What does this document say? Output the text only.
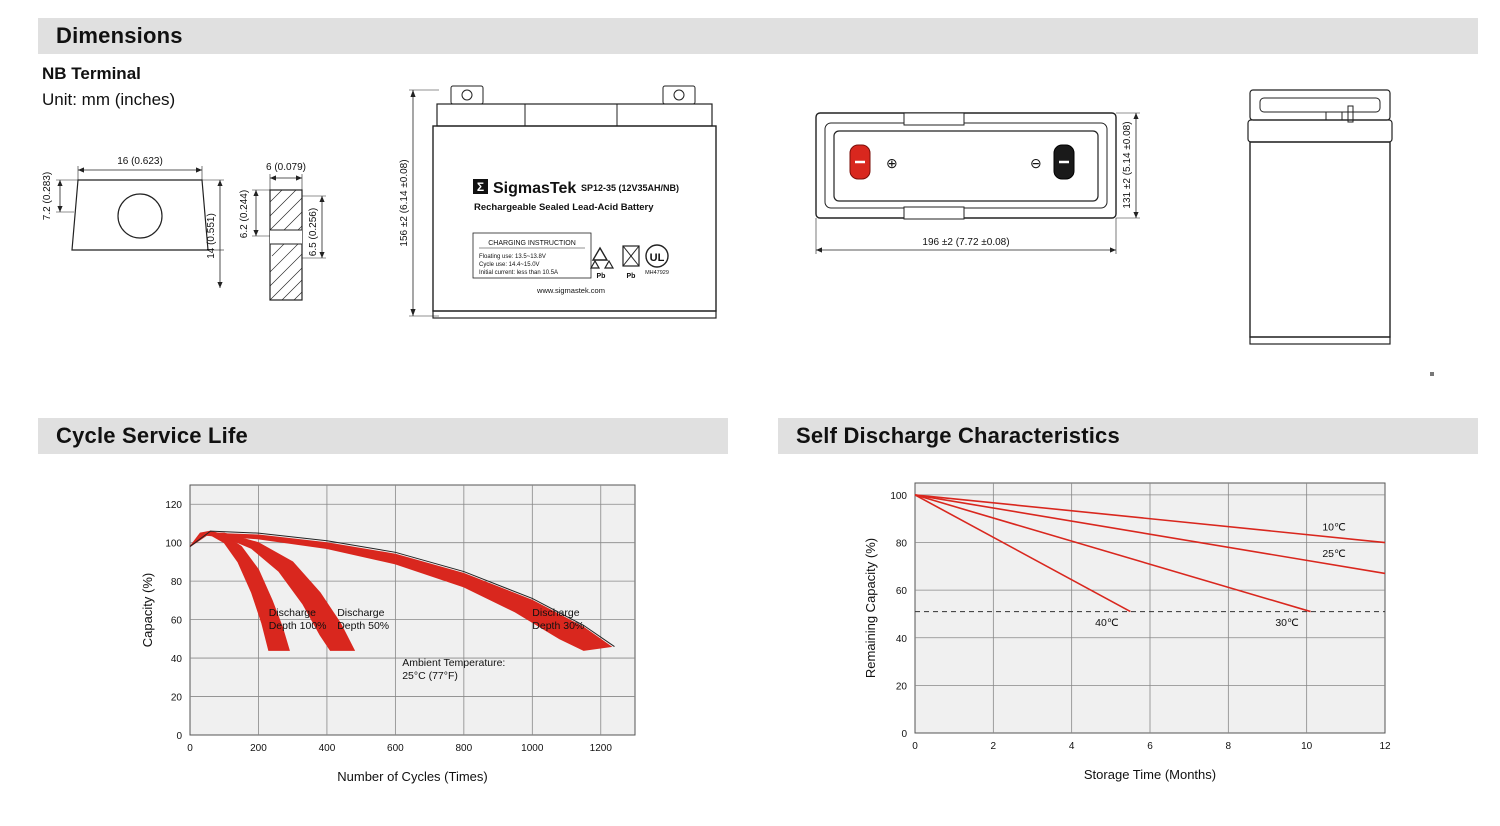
Dimensions
NB Terminal
Unit: mm (inches)
16 (0.623)
7.2 (0.283)
14 (0.551)
6 (0.079)
6.2 (0.244)	6.5 (0.256)	156 ±2 (6.14 ±0.08)	Σ SigmasTek SP12-35 (12V35AH/NB)
Rechargeable Sealed Lead-Acid Battery
CHARGING INSTRUCTION
Floating use: 13.5~13.8V
Cycle use: 14.4~15.0V
Initial current: less than 10.5A	Pb	Pb
UL
MH47929
www.sigmastek.com
⊕	⊖	131 ±2 (5.14 ±0.08)
196 ±2 (7.72 ±0.08)
Cycle Service Life
0	200	400	600	800	1000	1200
0
20
40
60
80
100
120
Discharge
Depth 100%
Discharge
Depth 50%
Discharge
Depth 30%
Ambient Temperature:
25°C (77°F)
Number of Cycles (Times)
Capacity (%)
Self Discharge Characteristics
0	2	4	6	8	10	12
0
20
40
60
80
100
10℃
25℃
30℃
40℃
Storage Time (Months)
Remaining Capacity (%)
